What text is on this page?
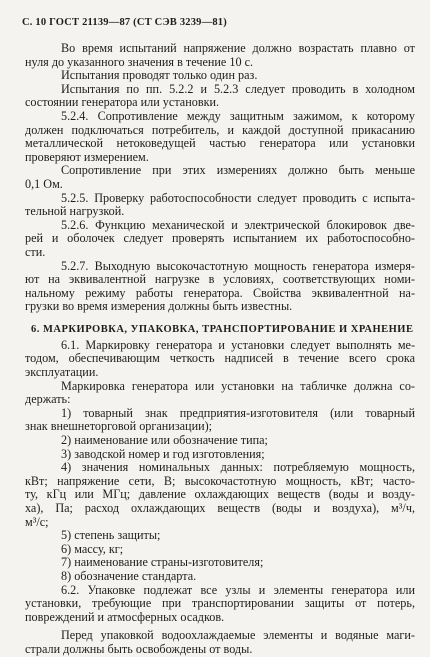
С. 10 ГОСТ 21139—87 (СТ СЭВ 3239—81)
Во время испытаний напряжение должно возрастать плавно от
нуля до указанного значения в течение 10 с.
Испытания проводят только один раз.
Испытания по пп. 5.2.2 и 5.2.3 следует проводить в холодном
состоянии генератора или установки.
5.2.4. Сопротивление между защитным зажимом, к которому
должен подключаться потребитель, и каждой доступной прикасанию
металлической нетоковедущей частью генератора или установки
проверяют измерением.
Сопротивление при этих измерениях должно быть меньше
0,1 Ом.
5.2.5. Проверку работоспособности следует проводить с испыта-
тельной нагрузкой.
5.2.6. Функцию механической и электрической блокировок две-
рей и оболочек следует проверять испытанием их работоспособно-
сти.
5.2.7. Выходную высокочастотную мощность генератора измеря-
ют на эквивалентной нагрузке в условиях, соответствующих номи-
нальному режиму работы генератора. Свойства эквивалентной на-
грузки во время измерения должны быть известны.
6. МАРКИРОВКА, УПАКОВКА, ТРАНСПОРТИРОВАНИЕ И ХРАНЕНИЕ
6.1. Маркировку генератора и установки следует выполнять ме-
тодом, обеспечивающим четкость надписей в течение всего срока
эксплуатации.
Маркировка генератора или установки на табличке должна со-
держать:
1) товарный знак предприятия-изготовителя (или товарный
знак внешнеторговой организации);
2) наименование или обозначение типа;
3) заводской номер и год изготовления;
4) значения номинальных данных: потребляемую мощность,
кВт; напряжение сети, В; высокочастотную мощность, кВт; часто-
ту, кГц или МГц; давление охлаждающих веществ (воды и возду-
ха), Па; расход охлаждающих веществ (воды и воздуха), м³/ч,
м³/с;
5) степень защиты;
6) массу, кг;
7) наименование страны-изготовителя;
8) обозначение стандарта.
6.2. Упаковке подлежат все узлы и элементы генератора или
установки, требующие при транспортировании защиты от потерь,
повреждений и атмосферных осадков.
Перед упаковкой водоохлаждаемые элементы и водяные маги-
страли должны быть освобождены от воды.
